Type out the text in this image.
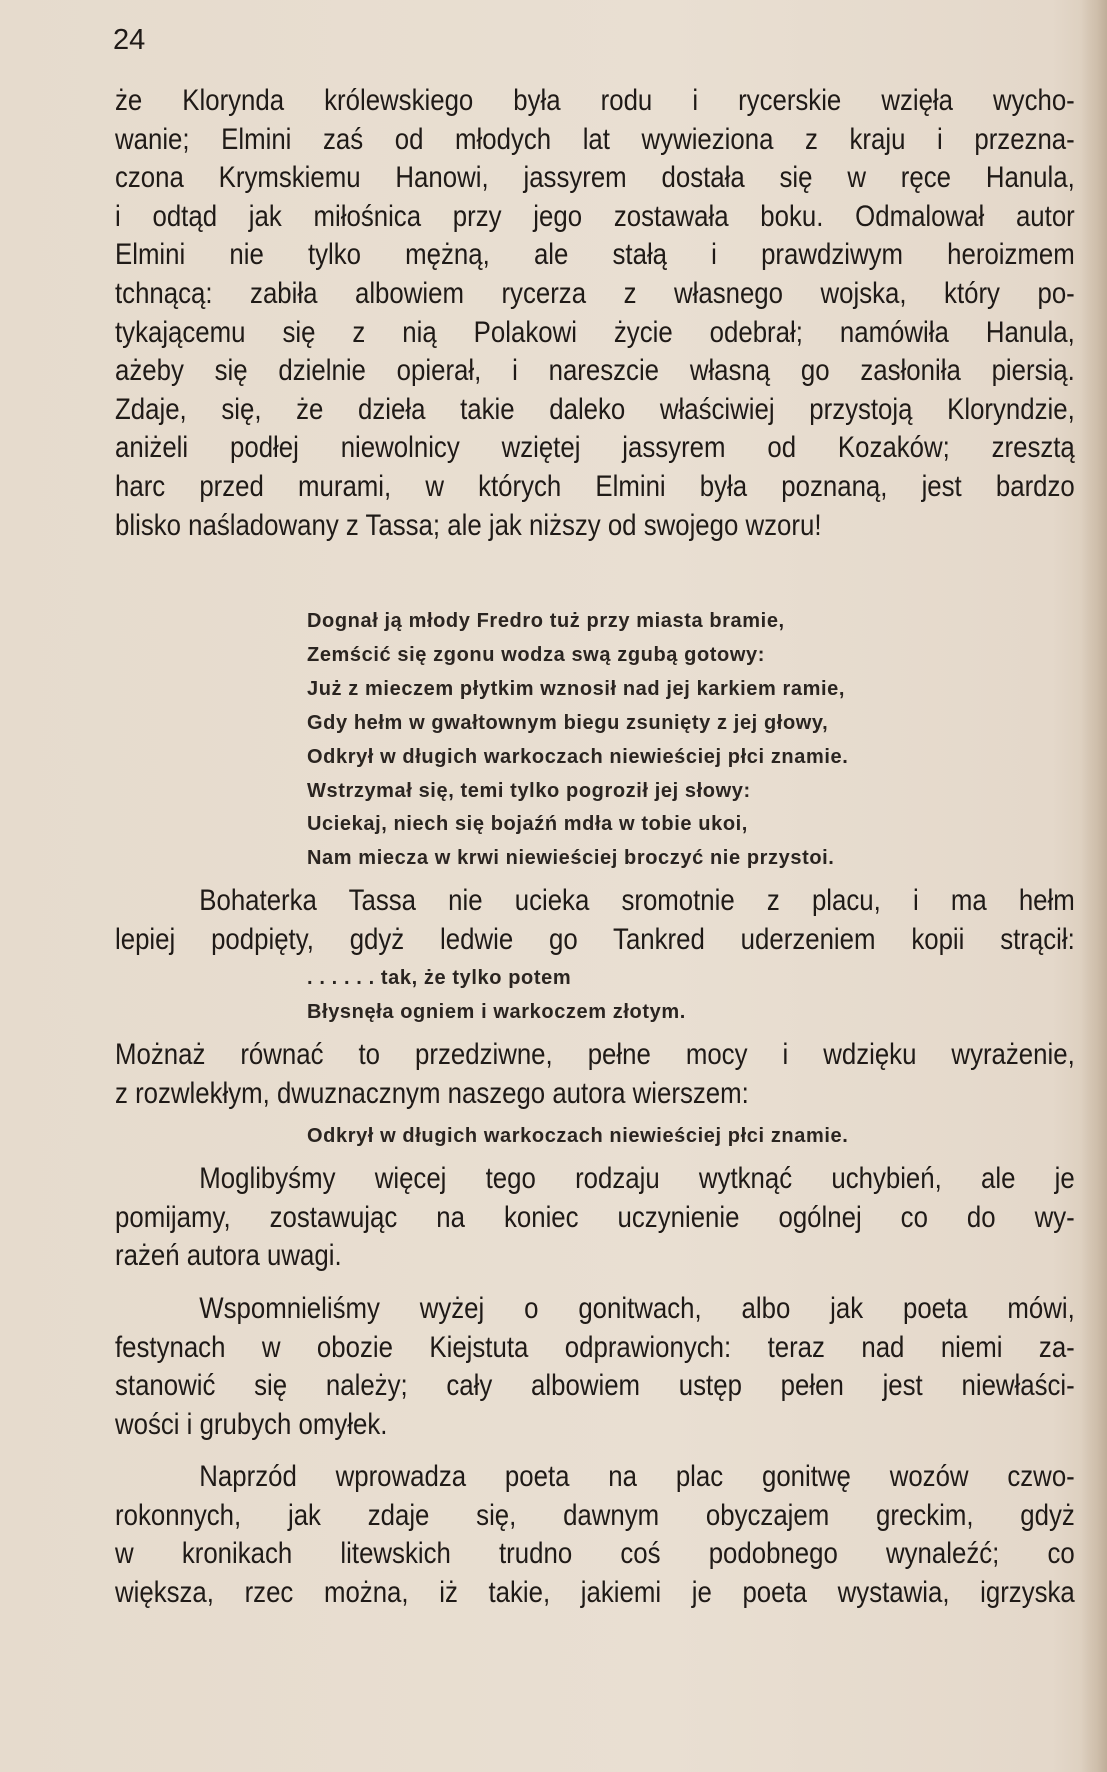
24
że Klorynda królewskiego była rodu i rycerskie wzięła wycho-
wanie; Elmini zaś od młodych lat wywieziona z kraju i przezna-
czona Krymskiemu Hanowi, jassyrem dostała się w ręce Hanula,
i odtąd jak miłośnica przy jego zostawała boku. Odmalował autor
Elmini nie tylko mężną, ale stałą i prawdziwym heroizmem
tchnącą: zabiła albowiem rycerza z własnego wojska, który po-
tykającemu się z nią Polakowi życie odebrał; namówiła Hanula,
ażeby się dzielnie opierał, i nareszcie własną go zasłoniła piersią.
Zdaje, się, że dzieła takie daleko właściwiej przystoją Kloryndzie,
aniżeli podłej niewolnicy wziętej jassyrem od Kozaków; zresztą
harc przed murami, w których Elmini była poznaną, jest bardzo
blisko naśladowany z Tassa; ale jak niższy od swojego wzoru!
Dognał ją młody Fredro tuż przy miasta bramie,
Zemścić się zgonu wodza swą zgubą gotowy:
Już z mieczem płytkim wznosił nad jej karkiem ramie,
Gdy hełm w gwałtownym biegu zsunięty z jej głowy,
Odkrył w długich warkoczach niewieściej płci znamie.
Wstrzymał się, temi tylko pogroził jej słowy:
Uciekaj, niech się bojaźń mdła w tobie ukoi,
Nam miecza w krwi niewieściej broczyć nie przystoi.
Bohaterka Tassa nie ucieka sromotnie z placu, i ma hełm
lepiej podpięty, gdyż ledwie go Tankred uderzeniem kopii strącił:
. . . . . . tak, że tylko potem
Błysnęła ogniem i warkoczem złotym.
Możnaż równać to przedziwne, pełne mocy i wdzięku wyrażenie,
z rozwlekłym, dwuznacznym naszego autora wierszem:
Odkrył w długich warkoczach niewieściej płci znamie.
Moglibyśmy więcej tego rodzaju wytknąć uchybień, ale je
pomijamy, zostawując na koniec uczynienie ogólnej co do wy-
rażeń autora uwagi.
Wspomnieliśmy wyżej o gonitwach, albo jak poeta mówi,
festynach w obozie Kiejstuta odprawionych: teraz nad niemi za-
stanowić się należy; cały albowiem ustęp pełen jest niewłaści-
wości i grubych omyłek.
Naprzód wprowadza poeta na plac gonitwę wozów czwo-
rokonnych, jak zdaje się, dawnym obyczajem greckim, gdyż
w kronikach litewskich trudno coś podobnego wynaleźć; co
większa, rzec można, iż takie, jakiemi je poeta wystawia, igrzyska
